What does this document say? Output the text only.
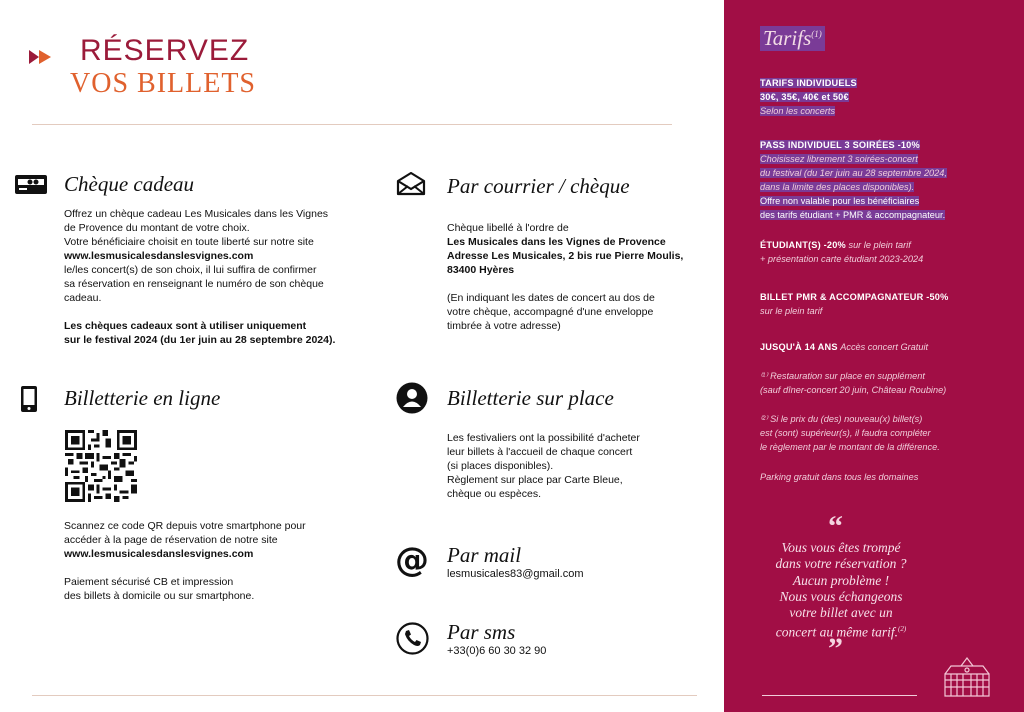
RÉSERVEZ
VOS BILLETS
Chèque cadeau

Offrez un chèque cadeau Les Musicales dans les Vignes

de Provence du montant de votre choix.

Votre bénéficiaire choisit en toute liberté sur notre site

www.lesmusicalesdanslesvignes.com

le/les concert(s) de son choix, il lui suffira de confirmer

sa réservation en renseignant le numéro de son chèque

cadeau.

Les chèques cadeaux sont à utiliser uniquement

sur le festival 2024 (du 1er juin au 28 septembre 2024).

Par courrier / chèque

Chèque libellé à l'ordre de

Les Musicales dans les Vignes de Provence

Adresse Les Musicales, 2 bis rue Pierre Moulis,

83400 Hyères

(En indiquant les dates de concert au dos de

votre chèque, accompagné d'une enveloppe

timbrée à votre adresse)

Billetterie en ligne

Scannez ce code QR depuis votre smartphone pour

accéder à la page de réservation de notre site

www.lesmusicalesdanslesvignes.com

Paiement sécurisé CB et impression

des billets à domicile ou sur smartphone.

Billetterie sur place

Les festivaliers ont la possibilité d'acheter

leur billets à l'accueil de chaque concert

(si places disponibles).

Règlement sur place par Carte Bleue,

chèque ou espèces.

@ Par mail
lesmusicales83@gmail.com
Par sms
+33(0)6 60 30 32 90
Tarifs$^{(1)}$
TARIFS INDIVIDUELS
30€, 35€, 40€ et 50€
Selon les concerts
PASS INDIVIDUEL 3 SOIRÉES -10%
Choisissez librement 3 soirées-concert
du festival (du 1er juin au 28 septembre 2024,
dans la limite des places disponibles).
Offre non valable pour les bénéficiaires
des tarifs étudiant + PMR & accompagnateur.
ÉTUDIANT(S) -20% sur le plein tarif
+ présentation carte étudiant 2023-2024
BILLET PMR & ACCOMPAGNATEUR -50%
sur le plein tarif
JUSQU'À 14 ANS Accès concert Gratuit
⁽¹⁾ Restauration sur place en supplément
(sauf dîner-concert 20 juin, Château Roubine)
⁽²⁾ Si le prix du (des) nouveau(x) billet(s)
est (sont) supérieur(s), il faudra compléter
le règlement par le montant de la différence.
Parking gratuit dans tous les domaines
“
Vous vous êtes trompé
dans votre réservation ?
Aucun problème !
Nous vous échangeons
votre billet avec un
concert au même tarif.$^{(2)}$
”
